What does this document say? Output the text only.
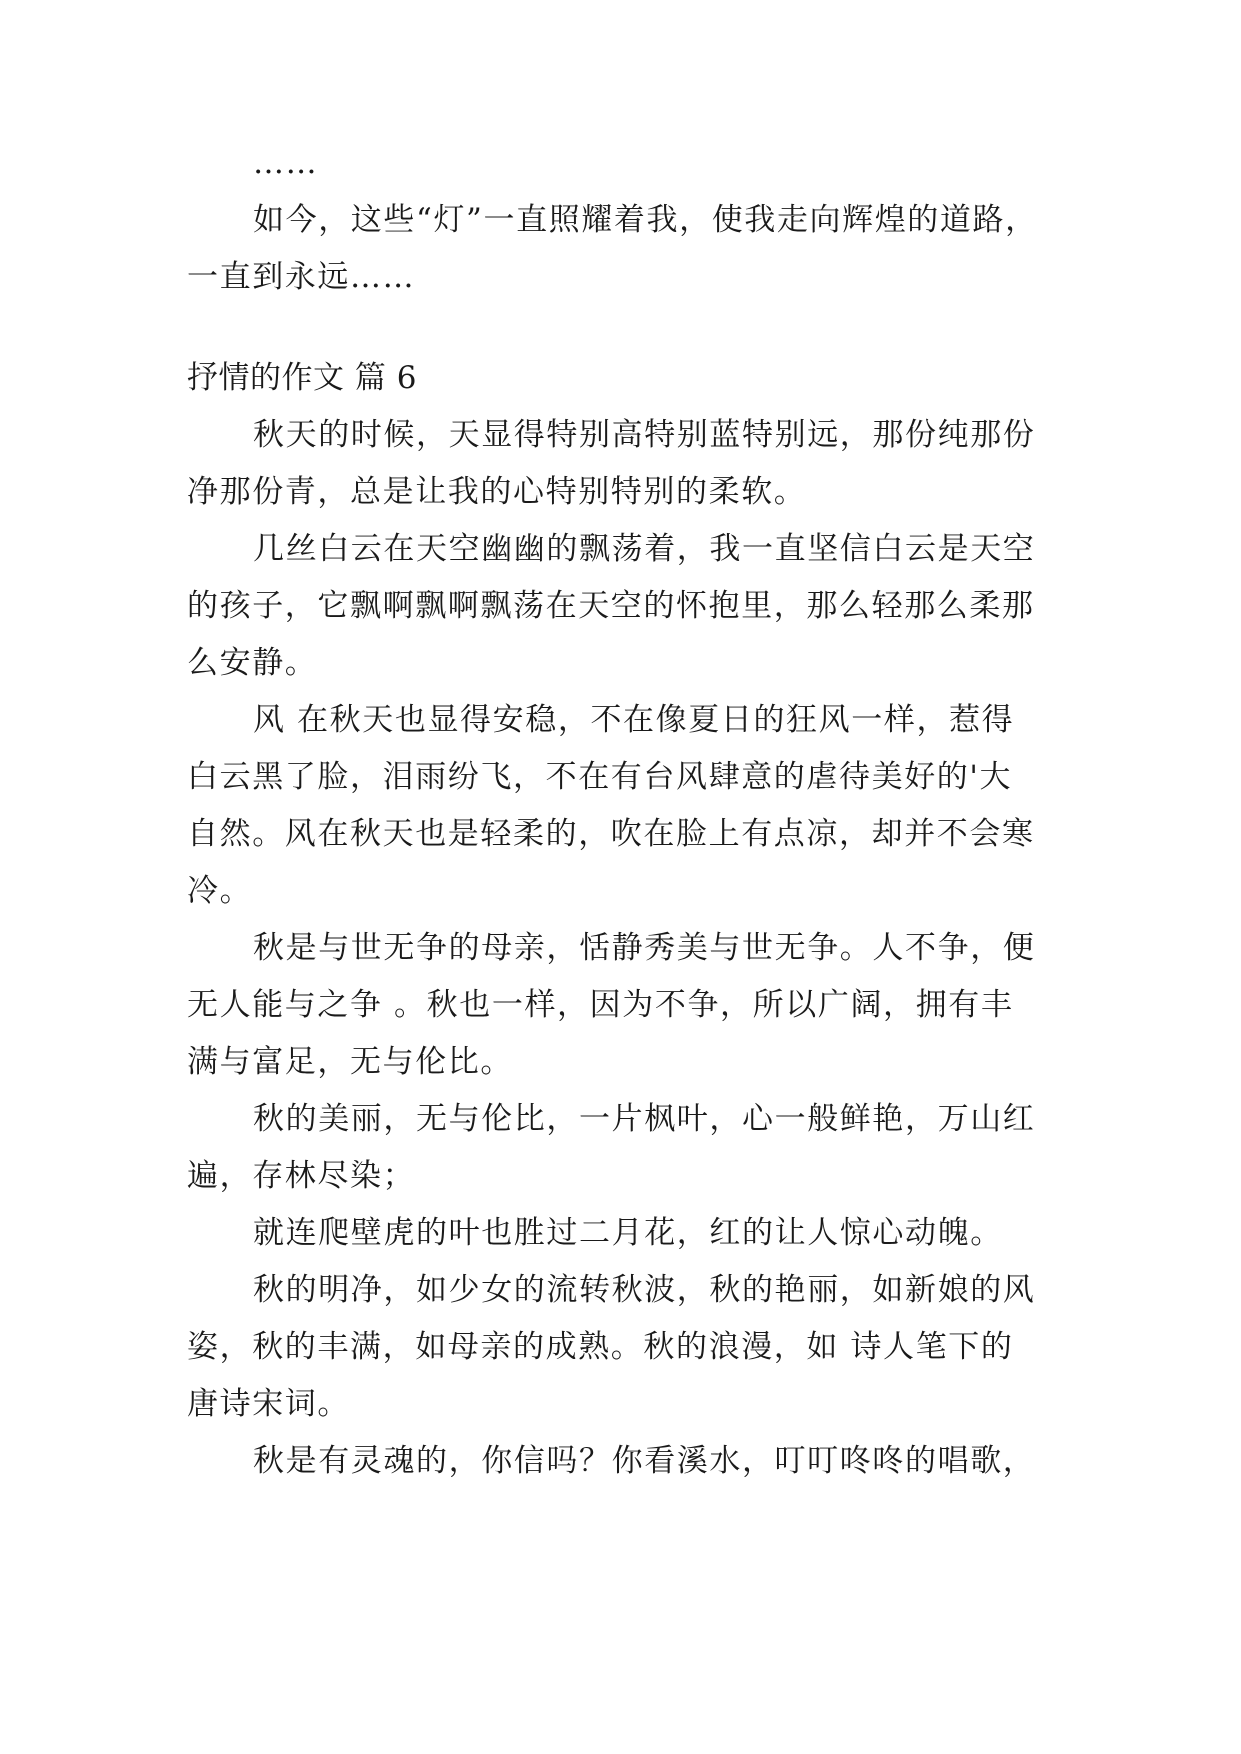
……
如今，这些“灯”一直照耀着我，使我走向辉煌的道路，
一直到永远……
抒情的作文 篇 6
秋天的时候，天显得特别高特别蓝特别远，那份纯那份
净那份青，总是让我的心特别特别的柔软。
几丝白云在天空幽幽的飘荡着，我一直坚信白云是天空
的孩子，它飘啊飘啊飘荡在天空的怀抱里，那么轻那么柔那
么安静。
风 在秋天也显得安稳，不在像夏日的狂风一样，惹得
白云黑了脸，泪雨纷飞，不在有台风肆意的虐待美好的'大
自然。风在秋天也是轻柔的，吹在脸上有点凉，却并不会寒
冷。
秋是与世无争的母亲，恬静秀美与世无争。人不争，便
无人能与之争 。秋也一样，因为不争，所以广阔，拥有丰
满与富足，无与伦比。
秋的美丽，无与伦比，一片枫叶，心一般鲜艳，万山红
遍，存林尽染；
就连爬壁虎的叶也胜过二月花，红的让人惊心动魄。
秋的明净，如少女的流转秋波，秋的艳丽，如新娘的风
姿，秋的丰满，如母亲的成熟。秋的浪漫，如 诗人笔下的
唐诗宋词。
秋是有灵魂的，你信吗？你看溪水，叮叮咚咚的唱歌，
